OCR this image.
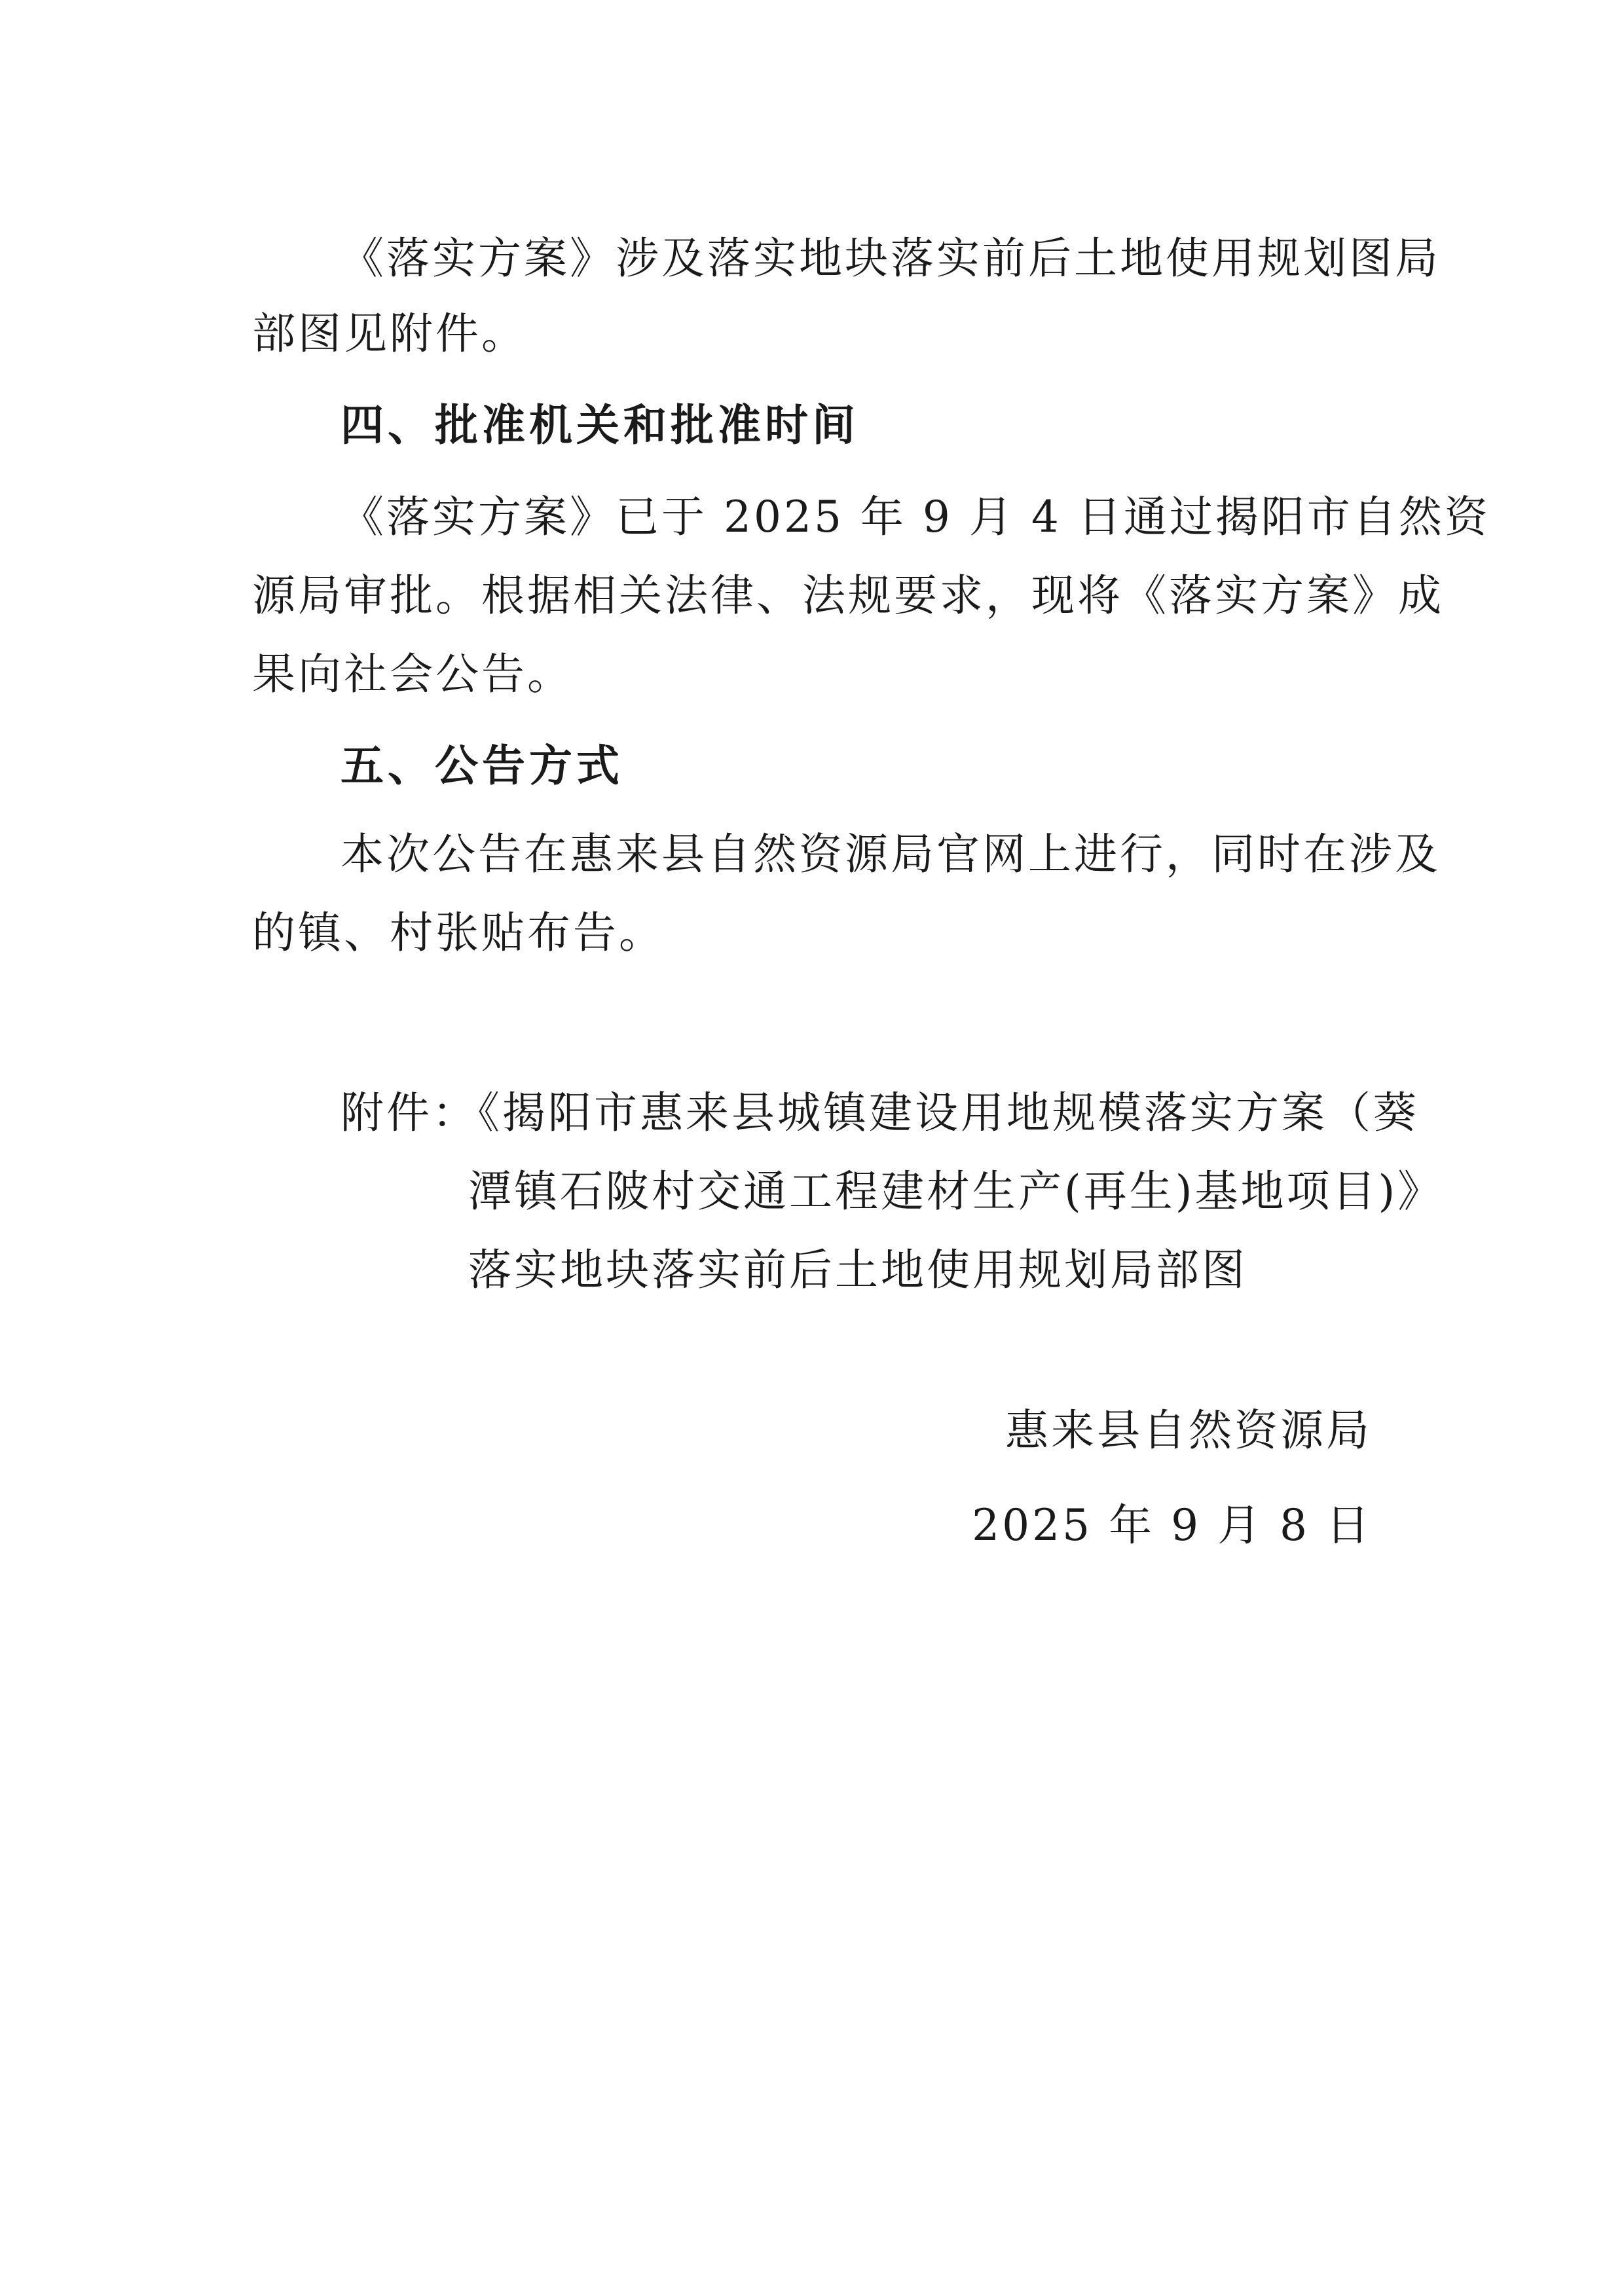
《落实方案》涉及落实地块落实前后土地使用规划图局
部图见附件。
四、批准机关和批准时间
《落实方案》已于 2025 年 9 月 4 日通过揭阳市自然资
源局审批。根据相关法律、法规要求，现将《落实方案》成
果向社会公告。
五、公告方式
本次公告在惠来县自然资源局官网上进行，同时在涉及
的镇、村张贴布告。
附件：《揭阳市惠来县城镇建设用地规模落实方案（葵
潭镇石陂村交通工程建材生产(再生)基地项目)》
落实地块落实前后土地使用规划局部图
惠来县自然资源局
2025 年 9 月 8 日
